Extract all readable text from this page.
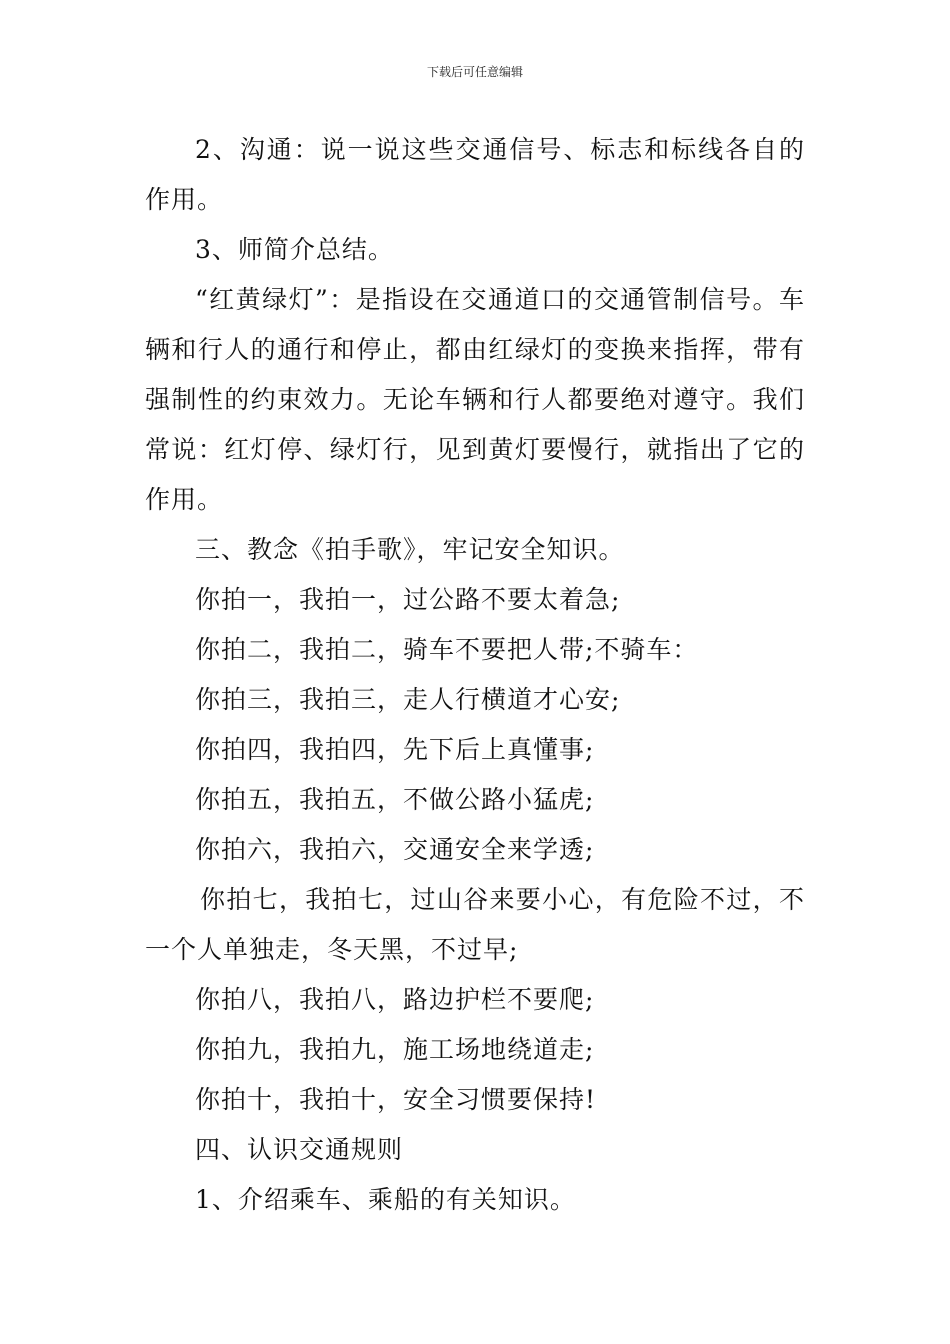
下载后可任意编辑

2、沟通：说一说这些交通信号、标志和标线各自的作用。

3、师简介总结。

“红黄绿灯”：是指设在交通道口的交通管制信号。车辆和行人的通行和停止，都由红绿灯的变换来指挥，带有强制性的约束效力。无论车辆和行人都要绝对遵守。我们常说：红灯停、绿灯行，见到黄灯要慢行，就指出了它的作用。

三、教念《拍手歌》，牢记安全知识。

你拍一，我拍一，过公路不要太着急;

你拍二，我拍二，骑车不要把人带;不骑车：

你拍三，我拍三，走人行横道才心安;

你拍四，我拍四，先下后上真懂事;

你拍五，我拍五，不做公路小猛虎;

你拍六，我拍六，交通安全来学透;

你拍七，我拍七，过山谷来要小心，有危险不过，不一个人单独走，冬天黑，不过早;

你拍八，我拍八，路边护栏不要爬;

你拍九，我拍九，施工场地绕道走;

你拍十，我拍十，安全习惯要保持!

四、认识交通规则

1、介绍乘车、乘船的有关知识。
